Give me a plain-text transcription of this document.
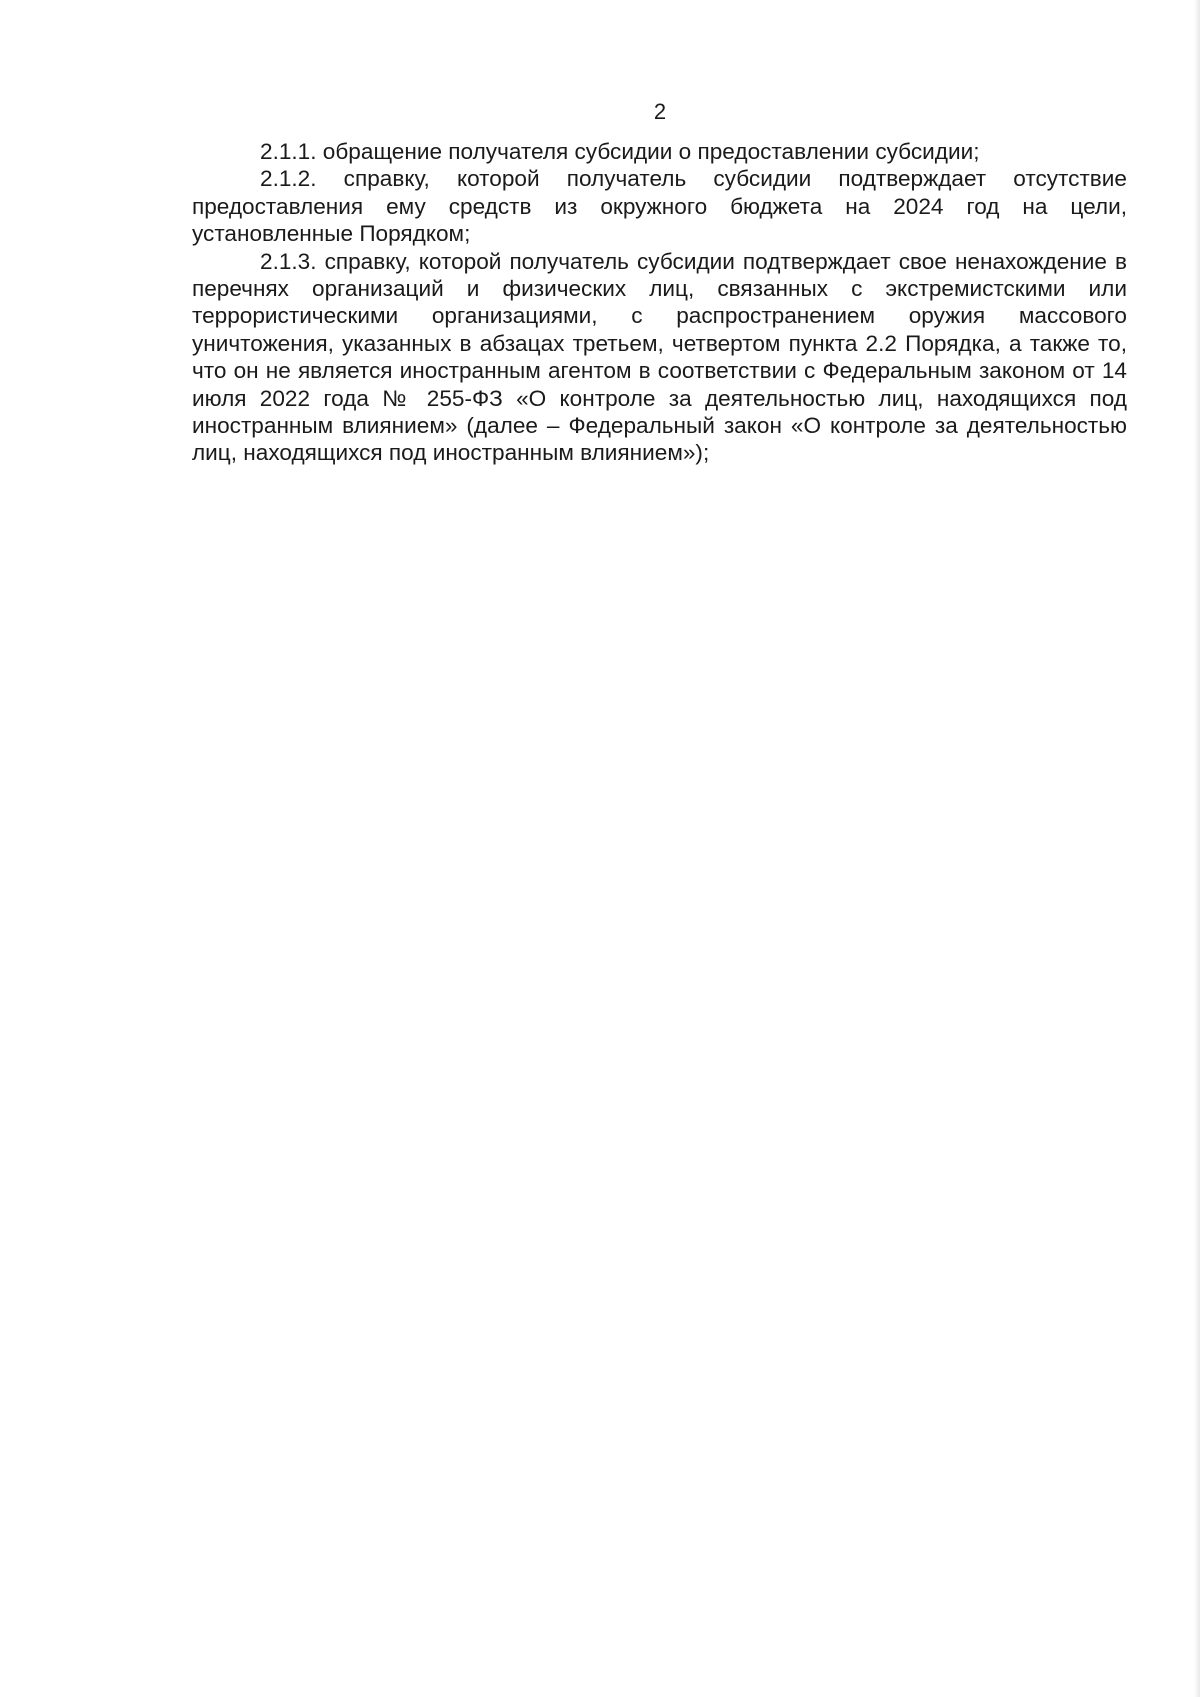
2

2.1.1. обращение получателя субсидии о предоставлении субсидии;

2.1.2. справку, которой получатель субсидии подтверждает отсутствие предоставления ему средств из окружного бюджета на 2024 год на цели, установленные Порядком;

2.1.3. справку, которой получатель субсидии подтверждает свое ненахождение в перечнях организаций и физических лиц, связанных с экстремистскими или террористическими организациями, с распространением оружия массового уничтожения, указанных в абзацах третьем, четвертом пункта 2.2 Порядка, а также то, что он не является иностранным агентом в соответствии с Федеральным законом от 14 июля 2022 года № 255-ФЗ «О контроле за деятельностью лиц, находящихся под иностранным влиянием» (далее – Федеральный закон «О контроле за деятельностью лиц, находящихся под иностранным влиянием»);
